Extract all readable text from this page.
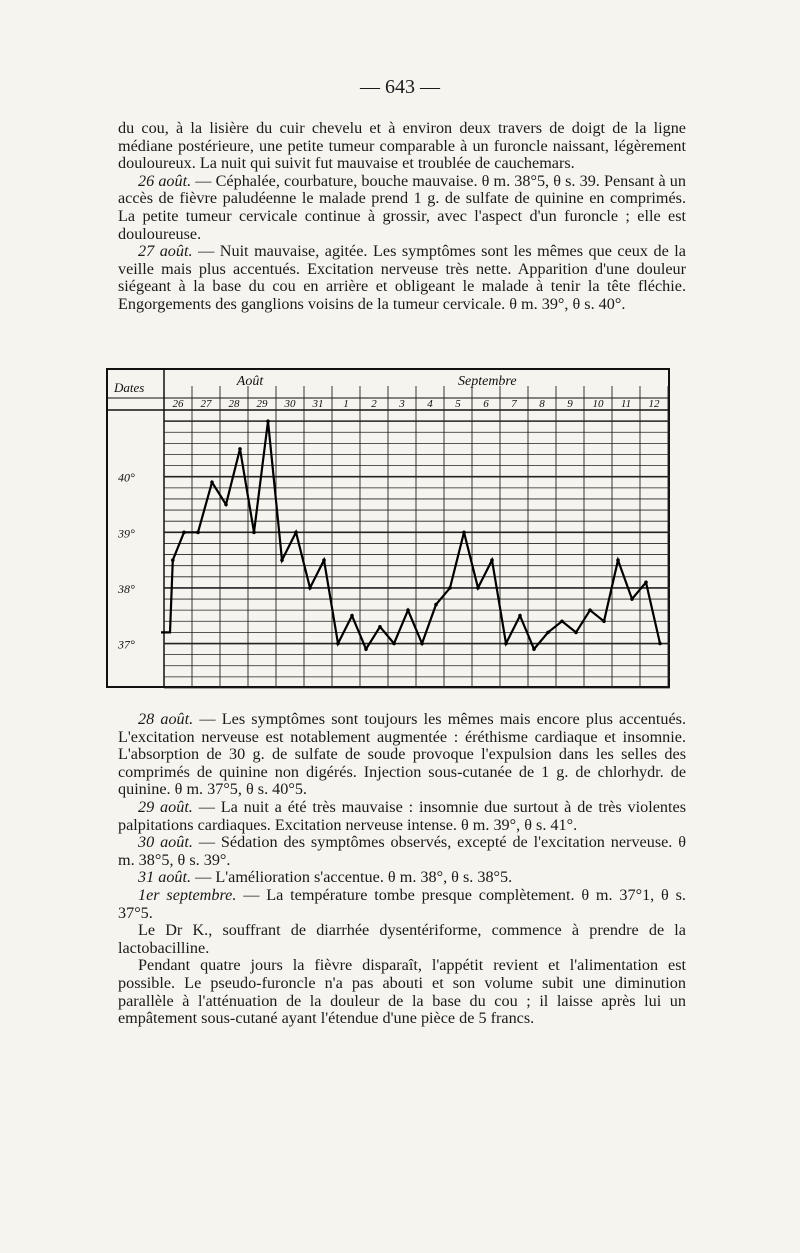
— 643 —

du cou, à la lisière du cuir chevelu et à environ deux travers de doigt de la ligne médiane postérieure, une petite tumeur comparable à un furoncle naissant, légèrement douloureux. La nuit qui suivit fut mauvaise et troublée de cauchemars.

26 août. — Céphalée, courbature, bouche mauvaise. θ m. 38°5, θ s. 39. Pensant à un accès de fièvre paludéenne le malade prend 1 g. de sulfate de quinine en comprimés. La petite tumeur cervicale continue à grossir, avec l'aspect d'un furoncle ; elle est douloureuse.

27 août. — Nuit mauvaise, agitée. Les symptômes sont les mêmes que ceux de la veille mais plus accentués. Excitation nerveuse très nette. Apparition d'une douleur siégeant à la base du cou en arrière et obligeant le malade à tenir la tête fléchie. Engorgements des ganglions voisins de la tumeur cervicale. θ m. 39°, θ s. 40°.

26 27 28 29 30 31 1 2 3 4 5 6 7 8 9 10 11 12
Dates	Août	Septembre
40°
39°
38°
37°

28 août. — Les symptômes sont toujours les mêmes mais encore plus accentués. L'excitation nerveuse est notablement augmentée : éréthisme cardiaque et insomnie. L'absorption de 30 g. de sulfate de soude provoque l'expulsion dans les selles des comprimés de quinine non digérés. Injection sous-cutanée de 1 g. de chlorhydr. de quinine. θ m. 37°5, θ s. 40°5.

29 août. — La nuit a été très mauvaise : insomnie due surtout à de très violentes palpitations cardiaques. Excitation nerveuse intense. θ m. 39°, θ s. 41°.

30 août. — Sédation des symptômes observés, excepté de l'excitation nerveuse. θ m. 38°5, θ s. 39°.

31 août. — L'amélioration s'accentue. θ m. 38°, θ s. 38°5.

1er septembre. — La température tombe presque complètement. θ m. 37°1, θ s. 37°5.

Le Dr K., souffrant de diarrhée dysentériforme, commence à prendre de la lactobacilline.

Pendant quatre jours la fièvre disparaît, l'appétit revient et l'alimentation est possible. Le pseudo-furoncle n'a pas abouti et son volume subit une diminution parallèle à l'atténuation de la douleur de la base du cou ; il laisse après lui un empâtement sous-cutané ayant l'étendue d'une pièce de 5 francs.
